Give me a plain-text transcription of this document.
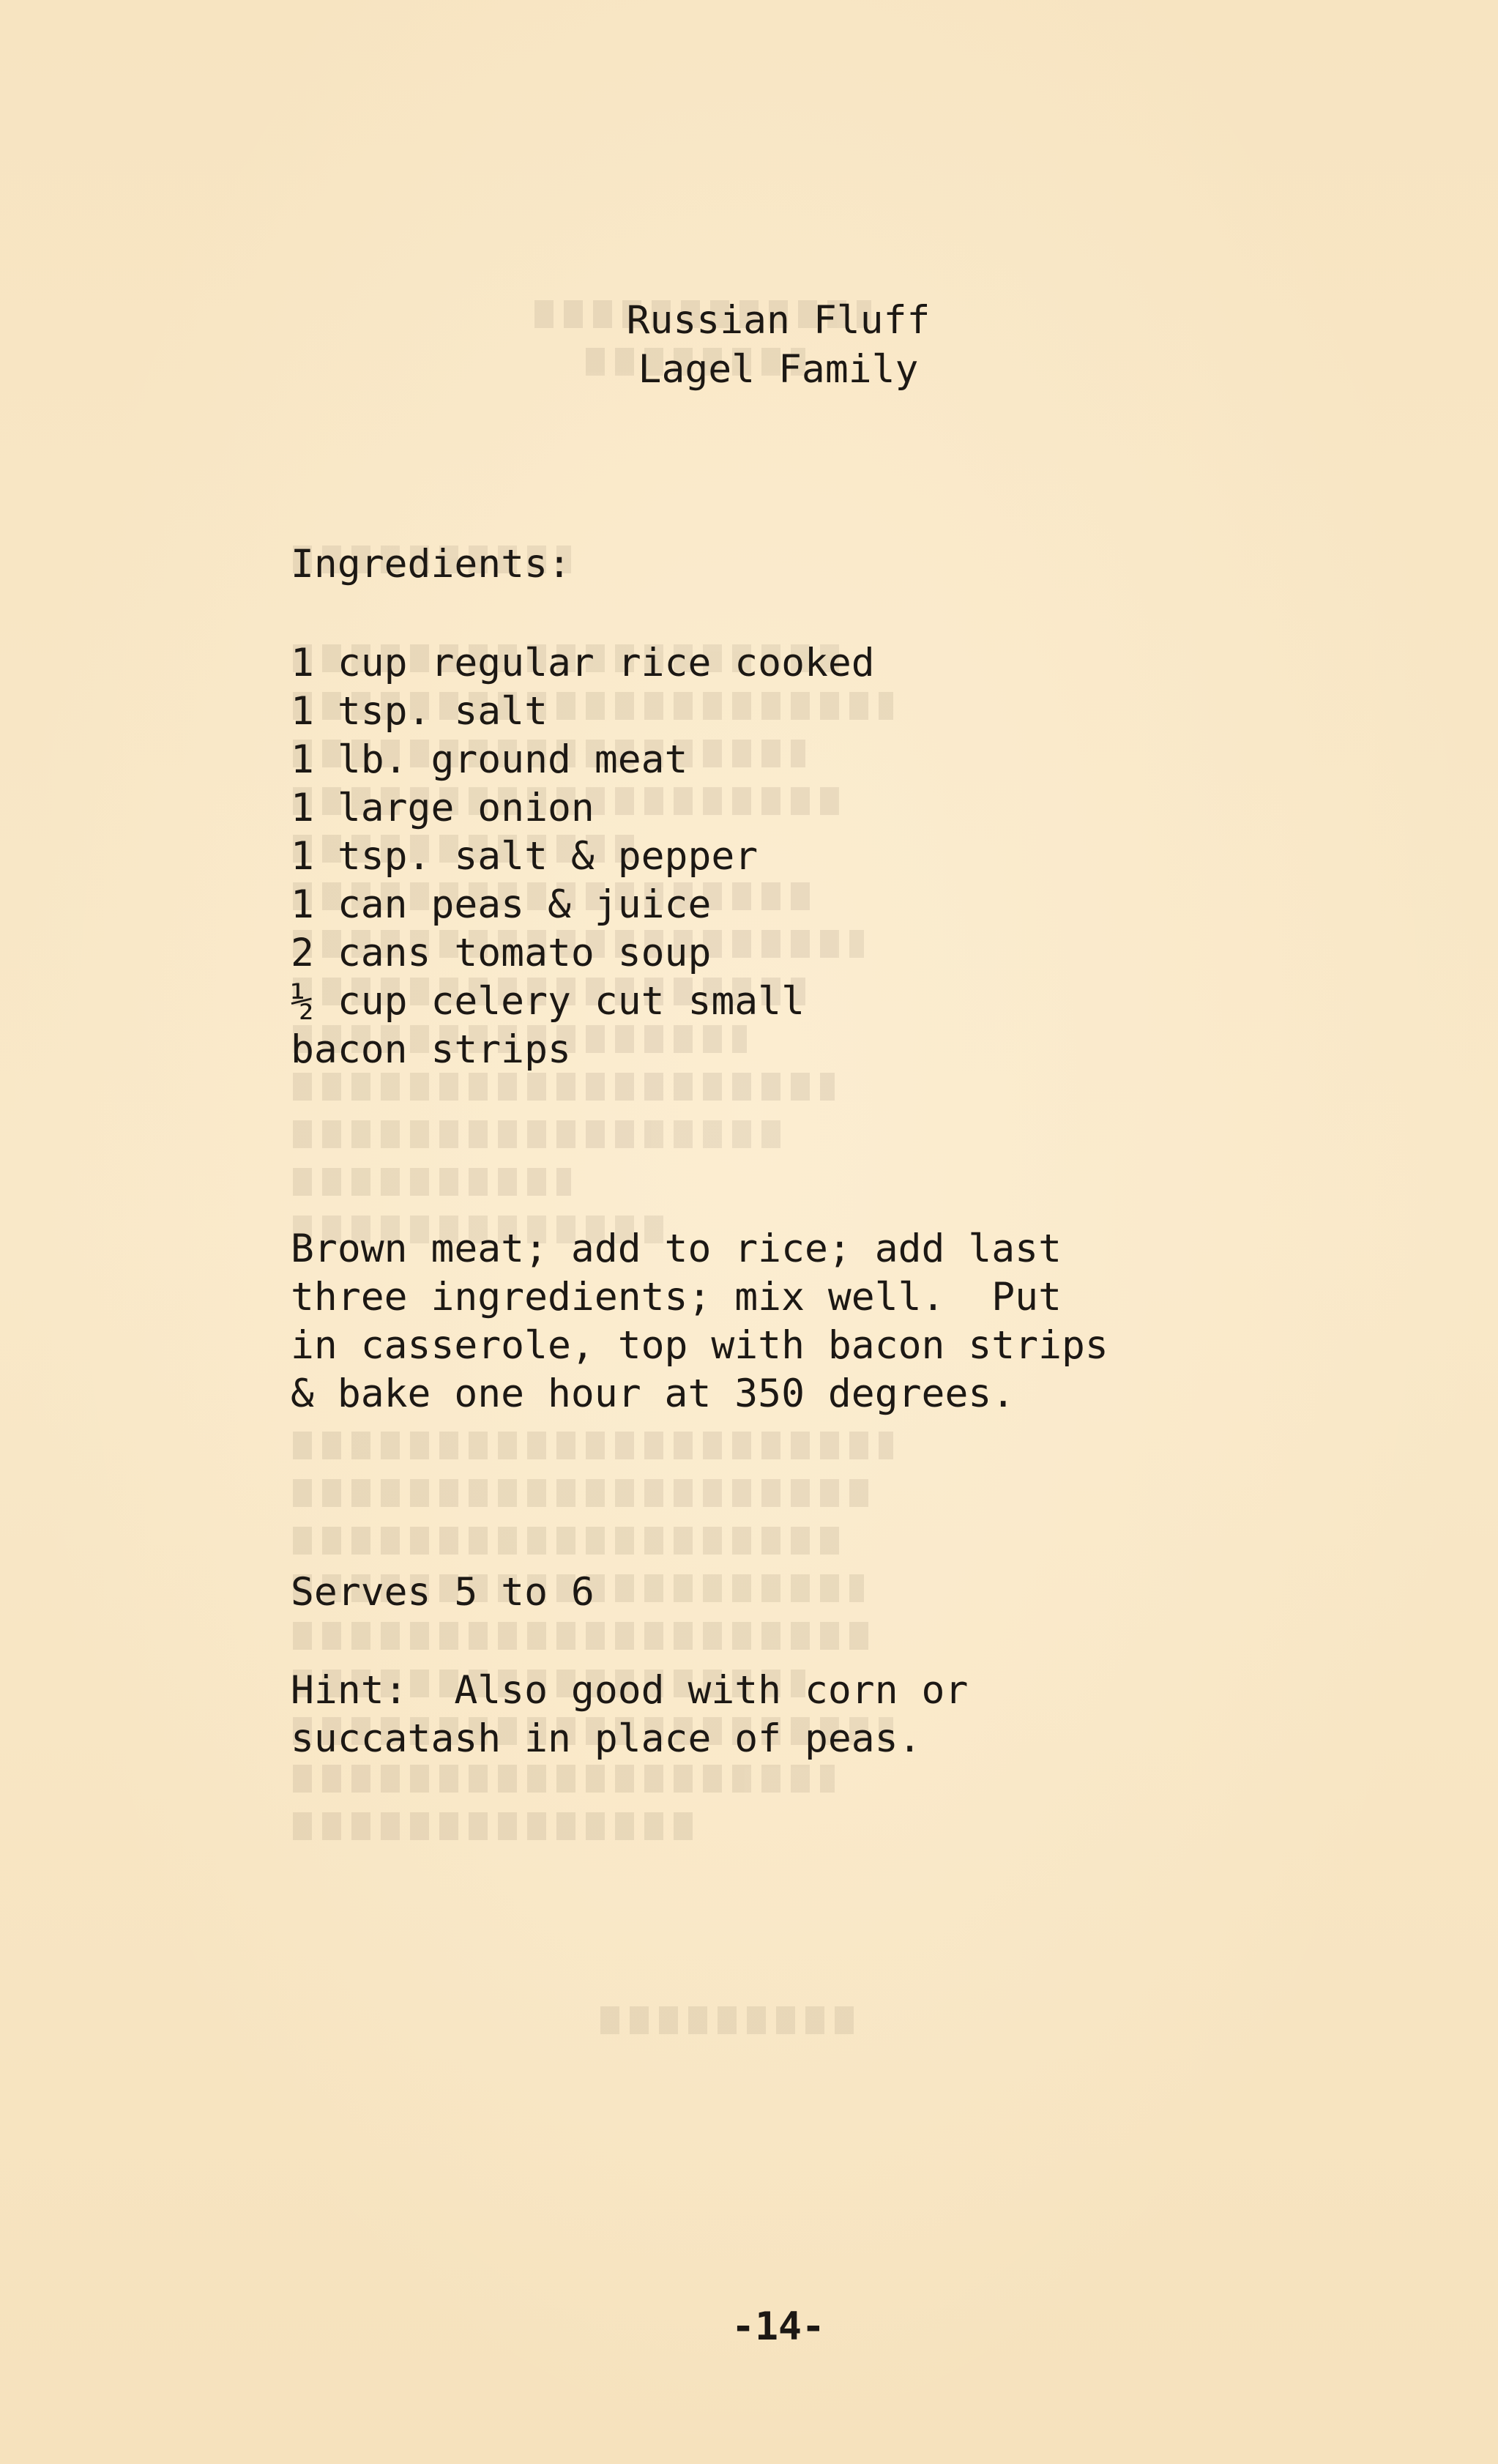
Russian Fluff

Lagel Family

Ingredients:

1 cup regular rice cooked
1 tsp. salt
1 lb. ground meat
1 large onion
1 tsp. salt & pepper
1 can peas & juice
2 cans tomato soup
½ cup celery cut small
bacon strips
Brown meat; add to rice; add last
three ingredients; mix well.  Put
in casserole, top with bacon strips
& bake one hour at 350 degrees.

Serves 5 to 6

Hint:  Also good with corn or
succatash in place of peas.

-14-
